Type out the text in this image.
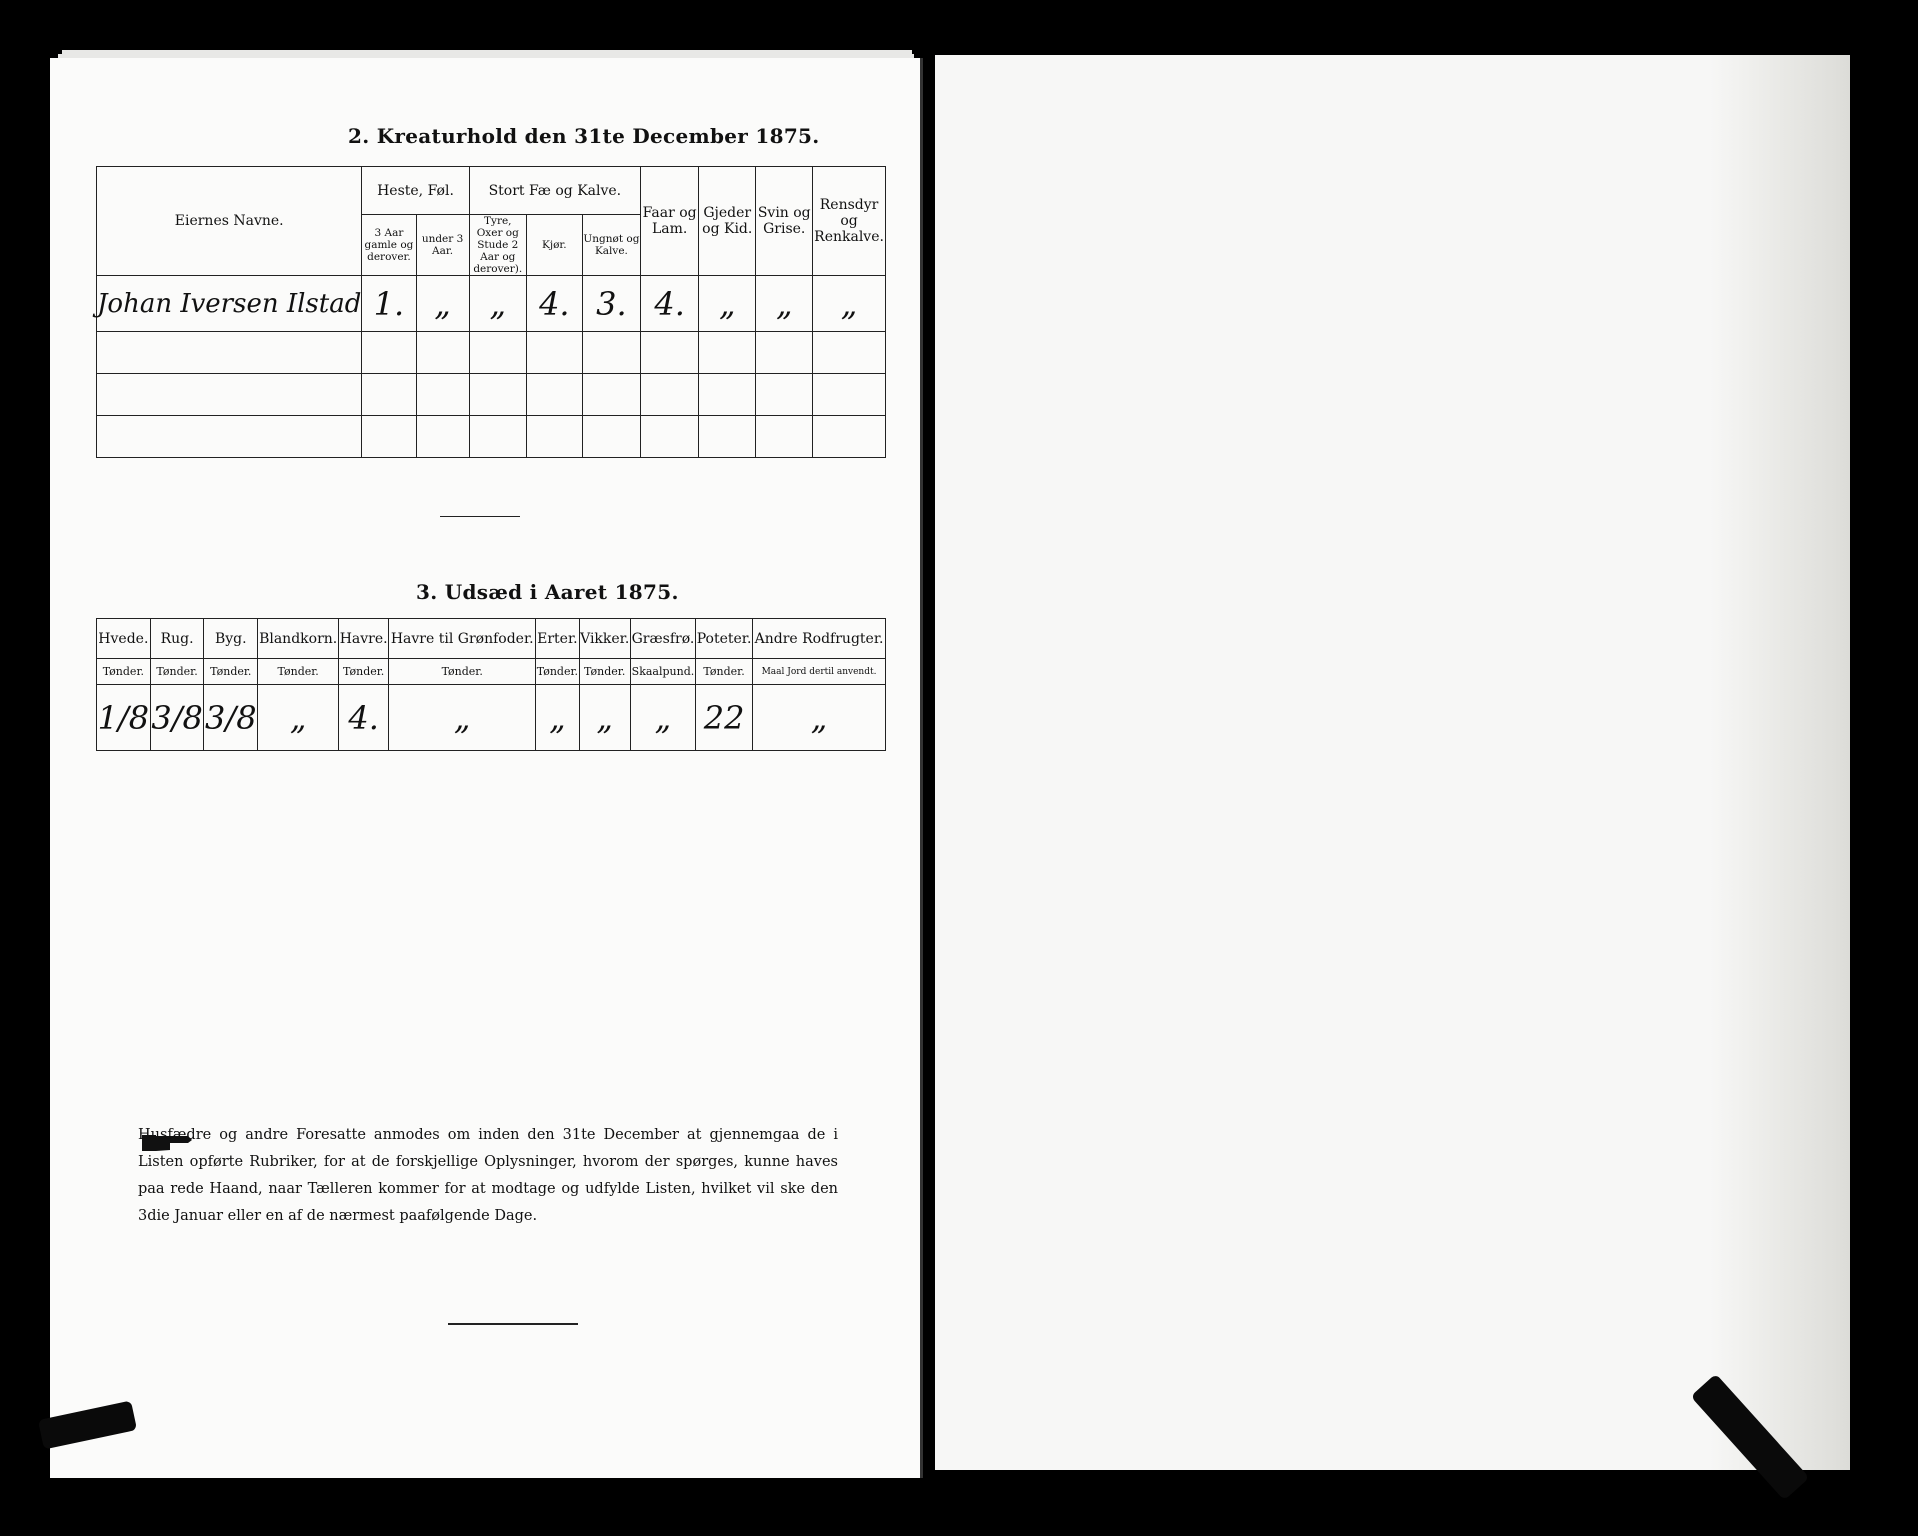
2. Kreaturhold den 31te December 1875.
Eiernes Navne.	Heste, Føl.		Stort Fæ og Kalve.			Faar og Lam.	Gjeder og Kid.	Svin og Grise.	Rensdyr og Renkalve.
	3 Aar gamle og derover.	under 3 Aar.	Tyre, Oxer og Stude 2 Aar og derover).	Kjør.	Ungnøt og Kalve.				
Johan Iversen Ilstad	1.	„	„	4.	3.	4.	„	„	„

3. Udsæd i Aaret 1875.
Hvede.	Rug.	Byg.	Blandkorn.	Havre.	Havre til Grønfoder.	Erter.	Vikker.	Græsfrø.	Poteter.	Andre Rodfrugter.
Tønder.	Tønder.	Tønder.	Tønder.	Tønder.	Tønder.	Tønder.	Tønder.	Skaalpund.	Tønder.	Maal Jord dertil anvendt.
1/8	3/8	3/8	„	4.	„	„	„	„	22	„
Husfædre og andre Foresatte anmodes om inden den 31te December at gjennemgaa de i Listen opførte Rubriker, for at de forskjellige Oplysninger, hvorom der spørges, kunne haves paa rede Haand, naar Tælleren kommer for at modtage og udfylde Listen, hvilket vil ske den 3die Januar eller en af de nærmest paafølgende Dage.
